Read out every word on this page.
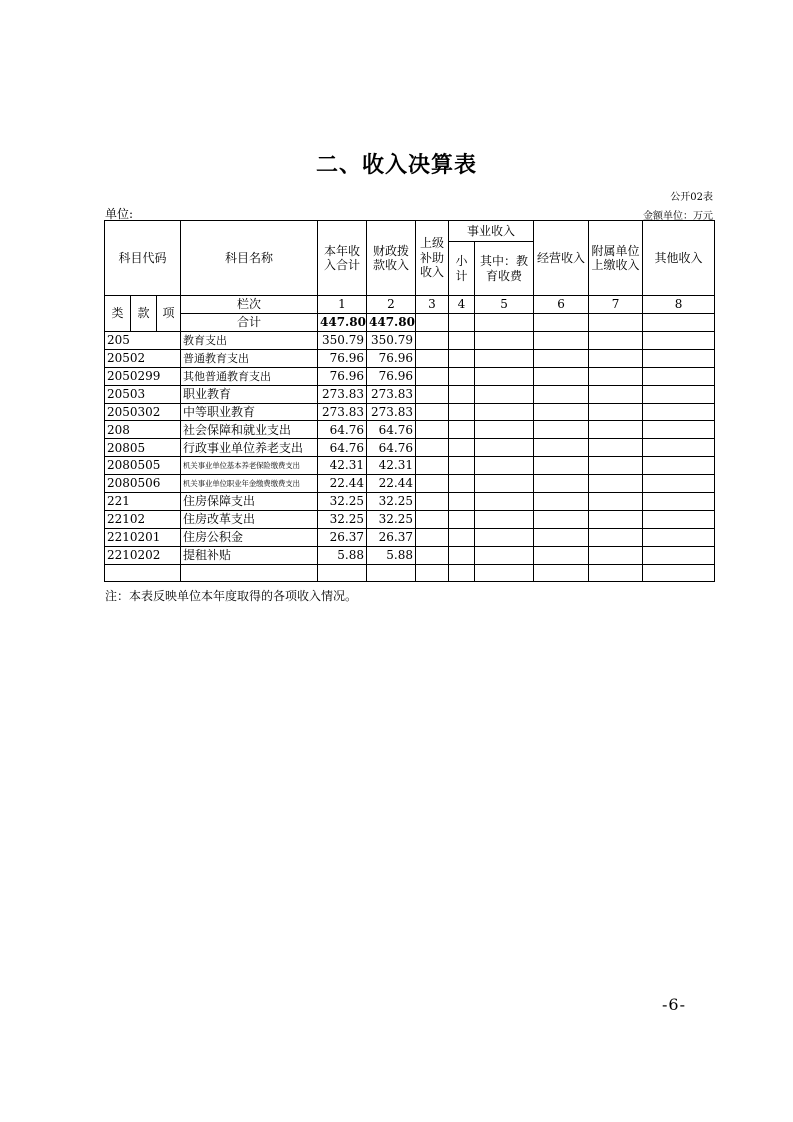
二、收入决算表
公开02表
单位:	金额单位：万元
科目代码			科目名称	本年收入合计	财政拨款收入	上级补助收入	事业收入		经营收入	附属单位上缴收入	其他收入
							小计	其中：教育收费			
类	款	项	栏次	1	2	3	4	5	6	7	8
			合计	447.80	447.80						
205			教育支出	350.79	350.79						
20502			普通教育支出	76.96	76.96						
2050299			其他普通教育支出	76.96	76.96						
20503			职业教育	273.83	273.83						
2050302			中等职业教育	273.83	273.83						
208			社会保障和就业支出	64.76	64.76						
20805			行政事业单位养老支出	64.76	64.76						
2080505			机关事业单位基本养老保险缴费支出	42.31	42.31						
2080506			机关事业单位职业年金缴费缴费支出	22.44	22.44						
221			住房保障支出	32.25	32.25						
22102			住房改革支出	32.25	32.25						
2210201			住房公积金	26.37	26.37						
2210202			提租补贴	5.88	5.88						

注：本表反映单位本年度取得的各项收入情况。
-6-
